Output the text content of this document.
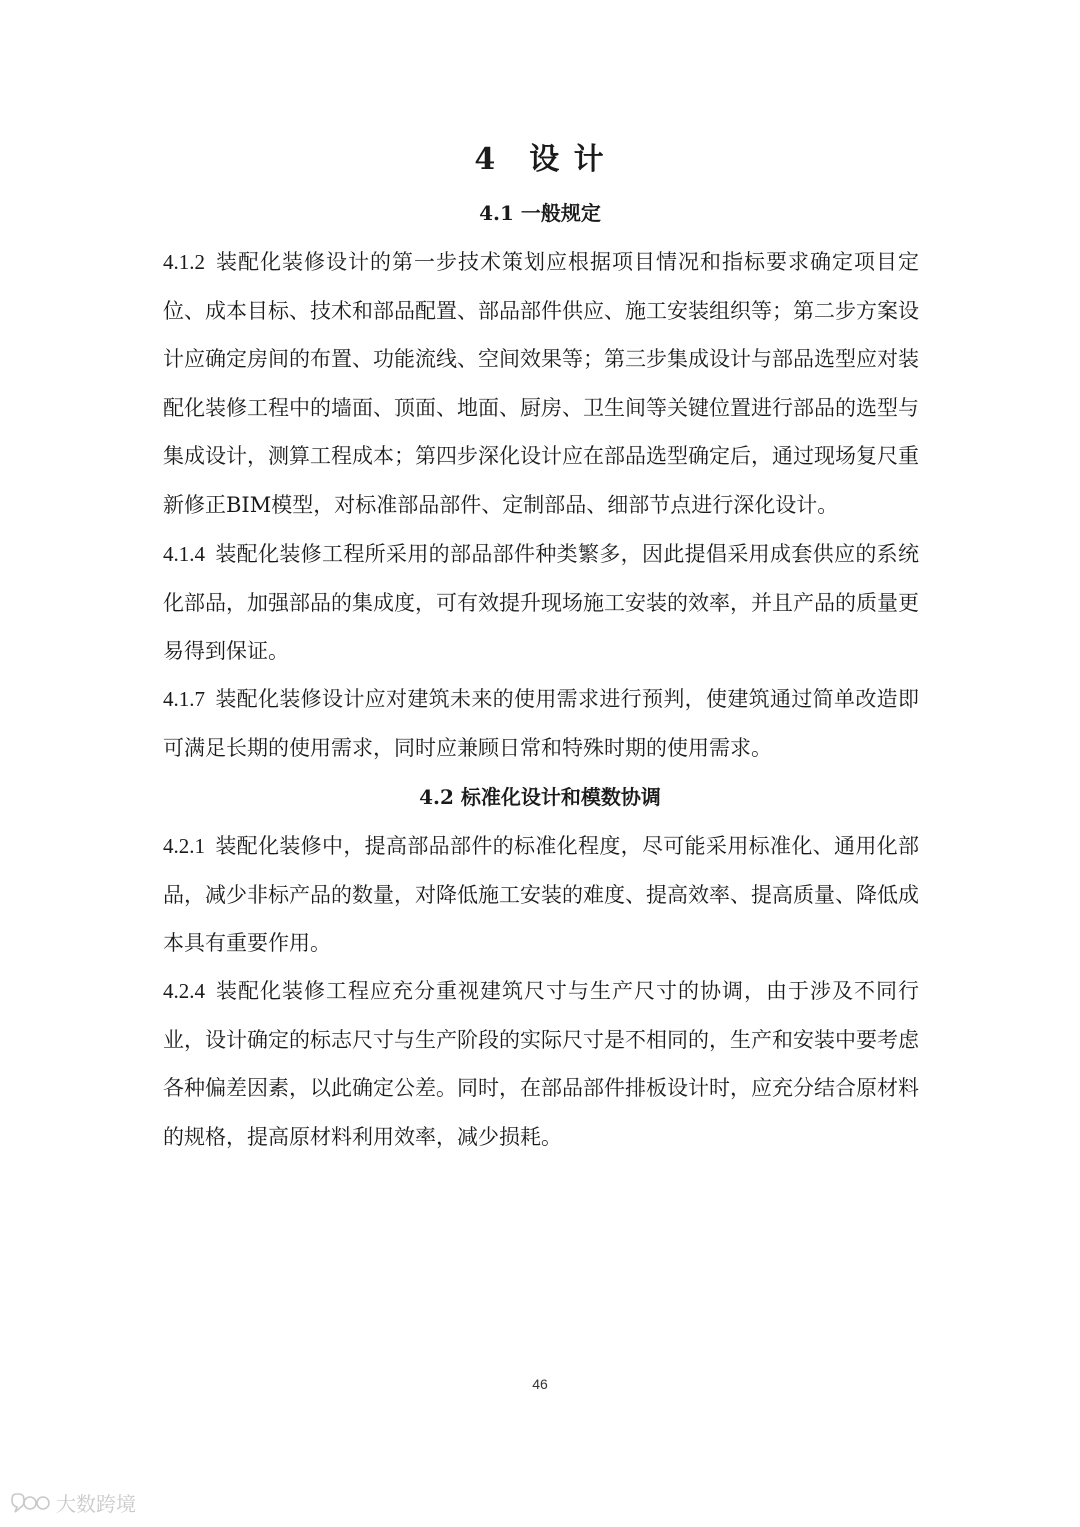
4　设 计
4.1 一般规定

4.1.2 装配化装修设计的第一步技术策划应根据项目情况和指标要求确定项目定位、成本目标、技术和部品配置、部品部件供应、施工安装组织等；第二步方案设计应确定房间的布置、功能流线、空间效果等；第三步集成设计与部品选型应对装配化装修工程中的墙面、顶面、地面、厨房、卫生间等关键位置进行部品的选型与集成设计，测算工程成本；第四步深化设计应在部品选型确定后，通过现场复尺重新修正BIM模型，对标准部品部件、定制部品、细部节点进行深化设计。

4.1.4 装配化装修工程所采用的部品部件种类繁多，因此提倡采用成套供应的系统化部品，加强部品的集成度，可有效提升现场施工安装的效率，并且产品的质量更易得到保证。

4.1.7 装配化装修设计应对建筑未来的使用需求进行预判，使建筑通过简单改造即可满足长期的使用需求，同时应兼顾日常和特殊时期的使用需求。

4.2 标准化设计和模数协调

4.2.1 装配化装修中，提高部品部件的标准化程度，尽可能采用标准化、通用化部品，减少非标产品的数量，对降低施工安装的难度、提高效率、提高质量、降低成本具有重要作用。

4.2.4 装配化装修工程应充分重视建筑尺寸与生产尺寸的协调，由于涉及不同行业，设计确定的标志尺寸与生产阶段的实际尺寸是不相同的，生产和安装中要考虑各种偏差因素，以此确定公差。同时，在部品部件排板设计时，应充分结合原材料的规格，提高原材料利用效率，减少损耗。

46
大数跨境
